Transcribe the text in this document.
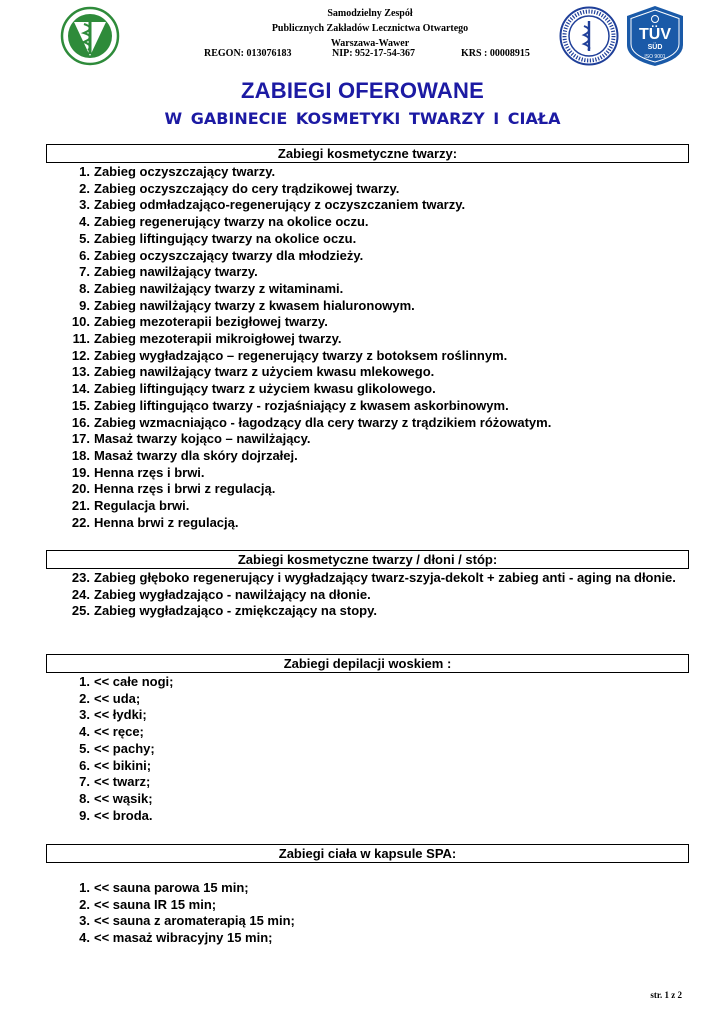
Samodzielny Zespół
Publicznych Zakładów Lecznictwa Otwartego
Warszawa-Wawer
REGON: 013076183	NIP: 952-17-54-367	KRS : 00008915
TÜV
SÜD
ISO 9001
ZABIEGI OFEROWANE
W GABINECIE KOSMETYKI TWARZY I CIAŁA
Zabiegi kosmetyczne twarzy:
1. Zabieg oczyszczający twarzy.
2. Zabieg oczyszczający do cery trądzikowej twarzy.
3. Zabieg odmładzająco-regenerujący z oczyszczaniem twarzy.
4. Zabieg regenerujący twarzy na okolice oczu.
5. Zabieg liftingujący twarzy na okolice oczu.
6. Zabieg oczyszczający twarzy dla młodzieży.
7. Zabieg nawilżający twarzy.
8. Zabieg nawilżający twarzy z witaminami.
9. Zabieg nawilżający twarzy z kwasem hialuronowym.
10. Zabieg mezoterapii bezigłowej twarzy.
11. Zabieg mezoterapii mikroigłowej twarzy.
12. Zabieg wygładzająco – regenerujący twarzy z botoksem roślinnym.
13. Zabieg nawilżający twarz z użyciem kwasu mlekowego.
14. Zabieg liftingujący twarz z użyciem kwasu glikolowego.
15. Zabieg liftingująco twarzy - rozjaśniający z kwasem askorbinowym.
16. Zabieg wzmacniająco - łagodzący dla cery twarzy z trądzikiem różowatym.
17. Masaż twarzy kojąco – nawilżający.
18. Masaż twarzy dla skóry dojrzałej.
19. Henna rzęs i brwi.
20. Henna rzęs i brwi z regulacją.
21. Regulacja brwi.
22. Henna brwi z regulacją.
Zabiegi kosmetyczne twarzy / dłoni / stóp:
23. Zabieg głęboko regenerujący i wygładzający twarz-szyja-dekolt + zabieg anti - aging na dłonie.
24. Zabieg wygładzająco - nawilżający na dłonie.
25. Zabieg wygładzająco - zmiękczający na stopy.
Zabiegi depilacji woskiem :
1. << całe nogi;
2. << uda;
3. << łydki;
4. << ręce;
5. << pachy;
6. << bikini;
7. << twarz;
8. << wąsik;
9. << broda.
Zabiegi ciała w kapsule SPA:
1. << sauna parowa 15 min;
2. << sauna IR 15 min;
3. << sauna z aromaterapią 15 min;
4. << masaż wibracyjny 15 min;
str. 1 z 2
